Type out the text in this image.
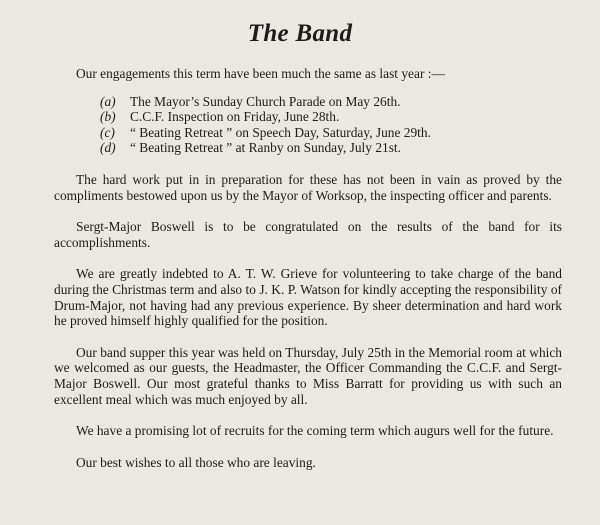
The Band

Our engagements this term have been much the same as last year :—

(a)	The Mayor’s Sunday Church Parade on May 26th.
(b)	C.C.F. Inspection on Friday, June 28th.
(c)	“ Beating Retreat ” on Speech Day, Saturday, June 29th.
(d)	“ Beating Retreat ” at Ranby on Sunday, July 21st.

The hard work put in in preparation for these has not been in vain as proved by the compliments bestowed upon us by the Mayor of Worksop, the inspecting officer and parents.

Sergt-Major Boswell is to be congratulated on the results of the band for its accomplishments.

We are greatly indebted to A. T. W. Grieve for volunteering to take charge of the band during the Christmas term and also to J. K. P. Watson for kindly accepting the responsibility of Drum-Major, not having had any previous experience. By sheer determination and hard work he proved himself highly qualified for the position.

Our band supper this year was held on Thursday, July 25th in the Memorial room at which we welcomed as our guests, the Headmaster, the Officer Commanding the C.C.F. and Sergt-Major Boswell. Our most grateful thanks to Miss Barratt for providing us with such an excellent meal which was much enjoyed by all.

We have a promising lot of recruits for the coming term which augurs well for the future.

Our best wishes to all those who are leaving.
